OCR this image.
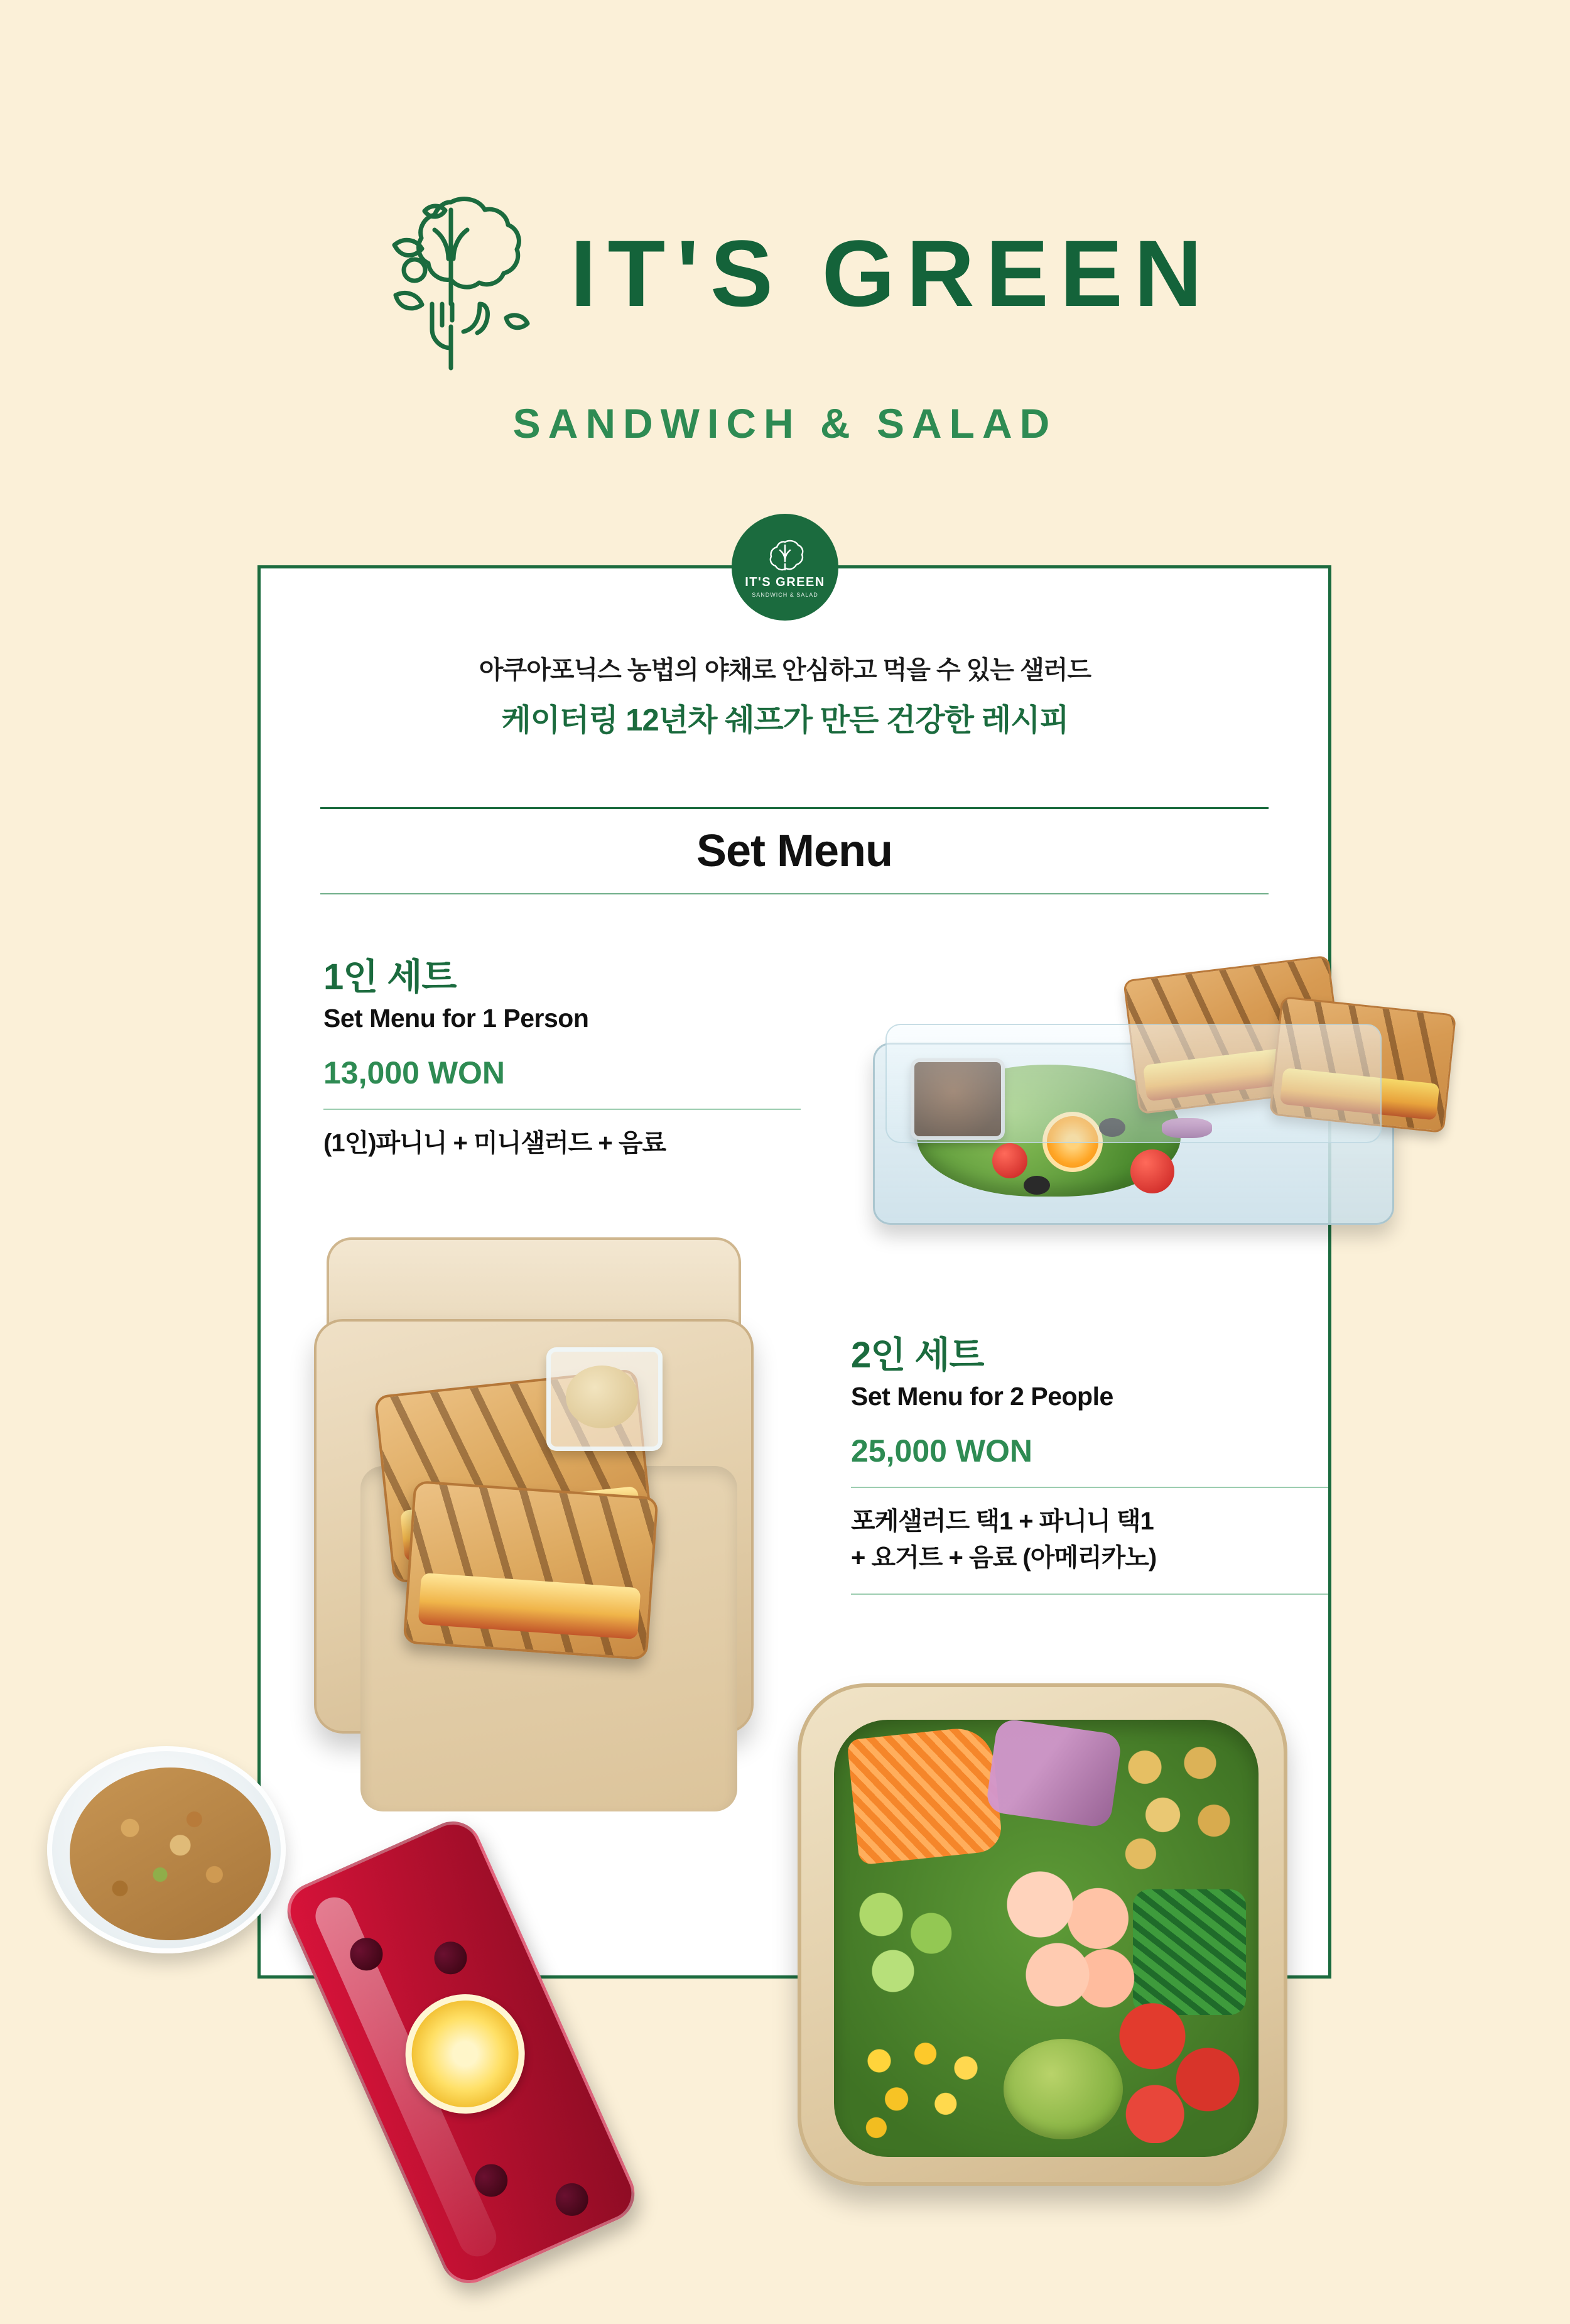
IT'S GREEN
SANDWICH & SALAD
IT'S GREEN
SANDWICH & SALAD
아쿠아포닉스 농법의 야채로 안심하고 먹을 수 있는 샐러드
케이터링 12년차 쉐프가 만든 건강한 레시피
Set Menu
1인 세트
Set Menu for 1 Person
13,000 WON
(1인)파니니 + 미니샐러드 + 음료
2인 세트
Set Menu for 2 People
25,000 WON
포케샐러드 택1 + 파니니 택1
+ 요거트 + 음료 (아메리카노)
